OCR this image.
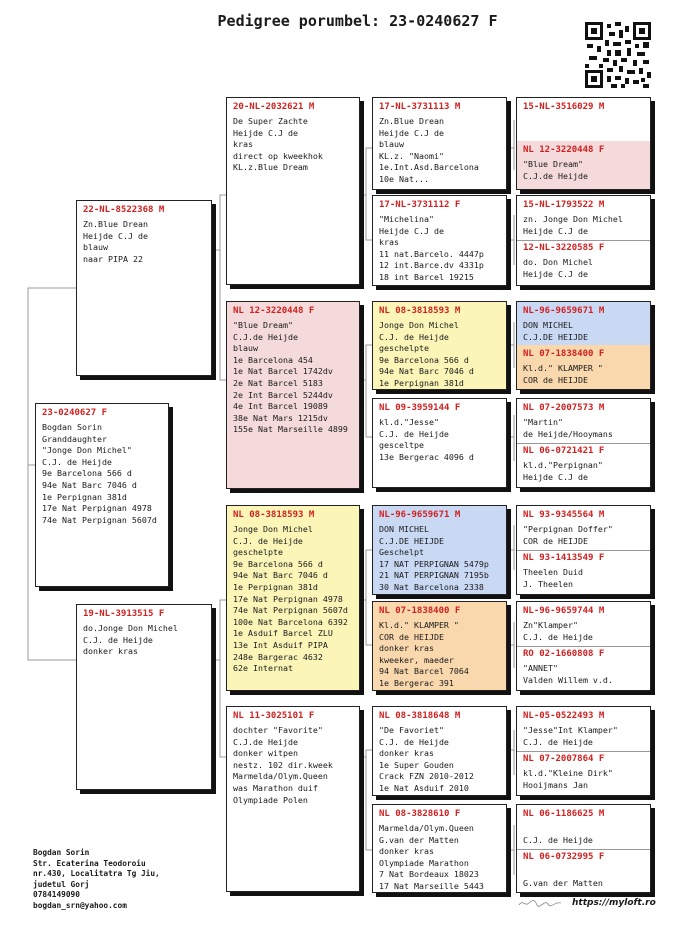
Pedigree porumbel: 23-0240627 F
23-0240627 F
Bogdan Sorin
Granddaughter
"Jonge Don Michel"
C.J. de Heijde
9e Barcelona 566 d
94e Nat Barc 7046 d
1e Perpignan 381d
17e Nat Perpignan 4978
74e Nat Perpignan 5607d
22-NL-8522368 M
Zn.Blue Drean
Heijde C.J de
blauw
naar PIPA 22
19-NL-3913515 F
do.Jonge Don Michel
C.J. de Heijde
donker kras
20-NL-2032621 M
De Super Zachte
Heijde C.J de
kras
direct op kweekhok
KL.z.Blue Dream
NL 12-3220448 F
"Blue Dream"
C.J.de Heijde
blauw
1e Barcelona 454
1e Nat Barcel 1742dv
2e Nat Barcel 5183
2e Int Barcel 5244dv
4e Int Barcel 19089
38e Nat Mars 1215dv
155e Nat Marseille 4899
NL 08-3818593 M
Jonge Don Michel
C.J. de Heijde
geschelpte
9e Barcelona 566 d
94e Nat Barc 7046 d
1e Perpignan 381d
17e Nat Perpignan 4978
74e Nat Perpignan 5607d
100e Nat Barcelona 6392
1e Asduif Barcel ZLU
13e Int Asduif PIPA
248e Bargerac 4632
62e Internat
NL 11-3025101 F
dochter "Favorite"
C.J.de Heijde
donker witpen
nestz. 102 dir.kweek
Marmelda/Olym.Queen
was Marathon duif
Olympiade Polen
17-NL-3731113 M
Zn.Blue Drean
Heijde C.J de
blauw
KL.z. "Naomi"
1e.Int.Asd.Barcelona
10e Nat...
17-NL-3731112 F
"Michelina"
Heijde C.J de
kras
11 nat.Barcelo. 4447p
12 int.Barce.dv 4331p
18 int Barcel 19215
NL 08-3818593 M
Jonge Don Michel
C.J. de Heijde
geschelpte
9e Barcelona 566 d
94e Nat Barc 7046 d
1e Perpignan 381d
NL 09-3959144 F
kl.d."Jesse"
C.J. de Heijde
gesceltpe
13e Bergerac 4096 d
NL-96-9659671 M
DON MICHEL
C.J.DE HEIJDE
Geschelpt
17 NAT PERPIGNAN 5479p
21 NAT PERPIGNAN 7195b
30 Nat Barcelona 2338
NL 07-1838400 F
Kl.d." KLAMPER "
COR de HEIJDE
donker kras
kweeker, maeder
94 Nat Barcel 7064
1e Bergerac 391
NL 08-3818648 M
"De Favoriet"
C.J. de Heijde
donker kras
1e Super Gouden
Crack FZN 2010-2012
1e Nat Asduif 2010
NL 08-3828610 F
Marmelda/Olym.Queen
G.van der Matten
donker kras
Olympiade Marathon
7 Nat Bordeaux 18023
17 Nat Marseille 5443
15-NL-3516029 M
NL 12-3220448 F
"Blue Dream"
C.J.de Heijde
15-NL-1793522 M
zn. Jonge Don Michel
Heijde C.J de
12-NL-3220585 F
do. Don Michel
Heijde C.J de
NL-96-9659671 M
DON MICHEL
C.J.DE HEIJDE
NL 07-1838400 F
Kl.d." KLAMPER "
COR de HEIJDE
NL 07-2007573 M
"Martin"
de Heijde/Hooymans
NL 06-0721421 F
kl.d."Perpignan"
Heijde C.J de
NL 93-9345564 M
"Perpignan Doffer"
COR de HEIJDE
NL 93-1413549 F
Theelen Duid
J. Theelen
NL-96-9659744 M
Zn"Klamper"
C.J. de Heijde
RO 02-1660808 F
"ANNET"
Valden Willem v.d.
NL-05-0522493 M
"Jesse"Int Klamper"
C.J. de Heijde
NL 07-2007864 F
kl.d."Kleine Dirk"
Hooijmans Jan
NL 06-1186625 M

C.J. de Heijde
NL 06-0732995 F

G.van der Matten
Bogdan Sorin
Str. Ecaterina Teodoroiu
nr.430, Localitatra Tg Jiu,
judetul Gorj
0784149090
bogdan_srn@yahoo.com	https://myloft.ro
